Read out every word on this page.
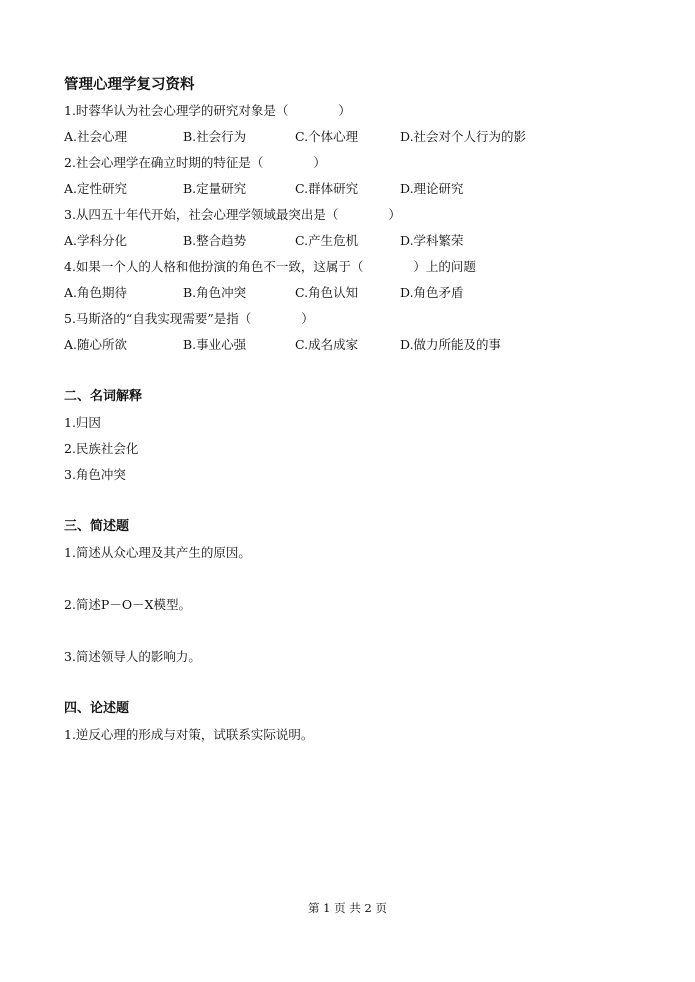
管理心理学复习资料
1.时蓉华认为社会心理学的研究对象是（　　　　）
A.社会心理	B.社会行为	C.个体心理	D.社会对个人行为的影
2.社会心理学在确立时期的特征是（　　　　）
A.定性研究	B.定量研究	C.群体研究	D.理论研究
3.从四五十年代开始，社会心理学领域最突出是（　　　　）
A.学科分化	B.整合趋势	C.产生危机	D.学科繁荣
4.如果一个人的人格和他扮演的角色不一致，这属于（　　　　）上的问题
A.角色期待	B.角色冲突	C.角色认知	D.角色矛盾
5.马斯洛的“自我实现需要”是指（　　　　）
A.随心所欲	B.事业心强	C.成名成家	D.做力所能及的事
二、名词解释
1.归因
2.民族社会化
3.角色冲突
三、简述题
1.简述从众心理及其产生的原因。
2.简述P－O－X模型。
3.简述领导人的影响力。
四、论述题
1.逆反心理的形成与对策，试联系实际说明。
第 1 页 共 2 页
